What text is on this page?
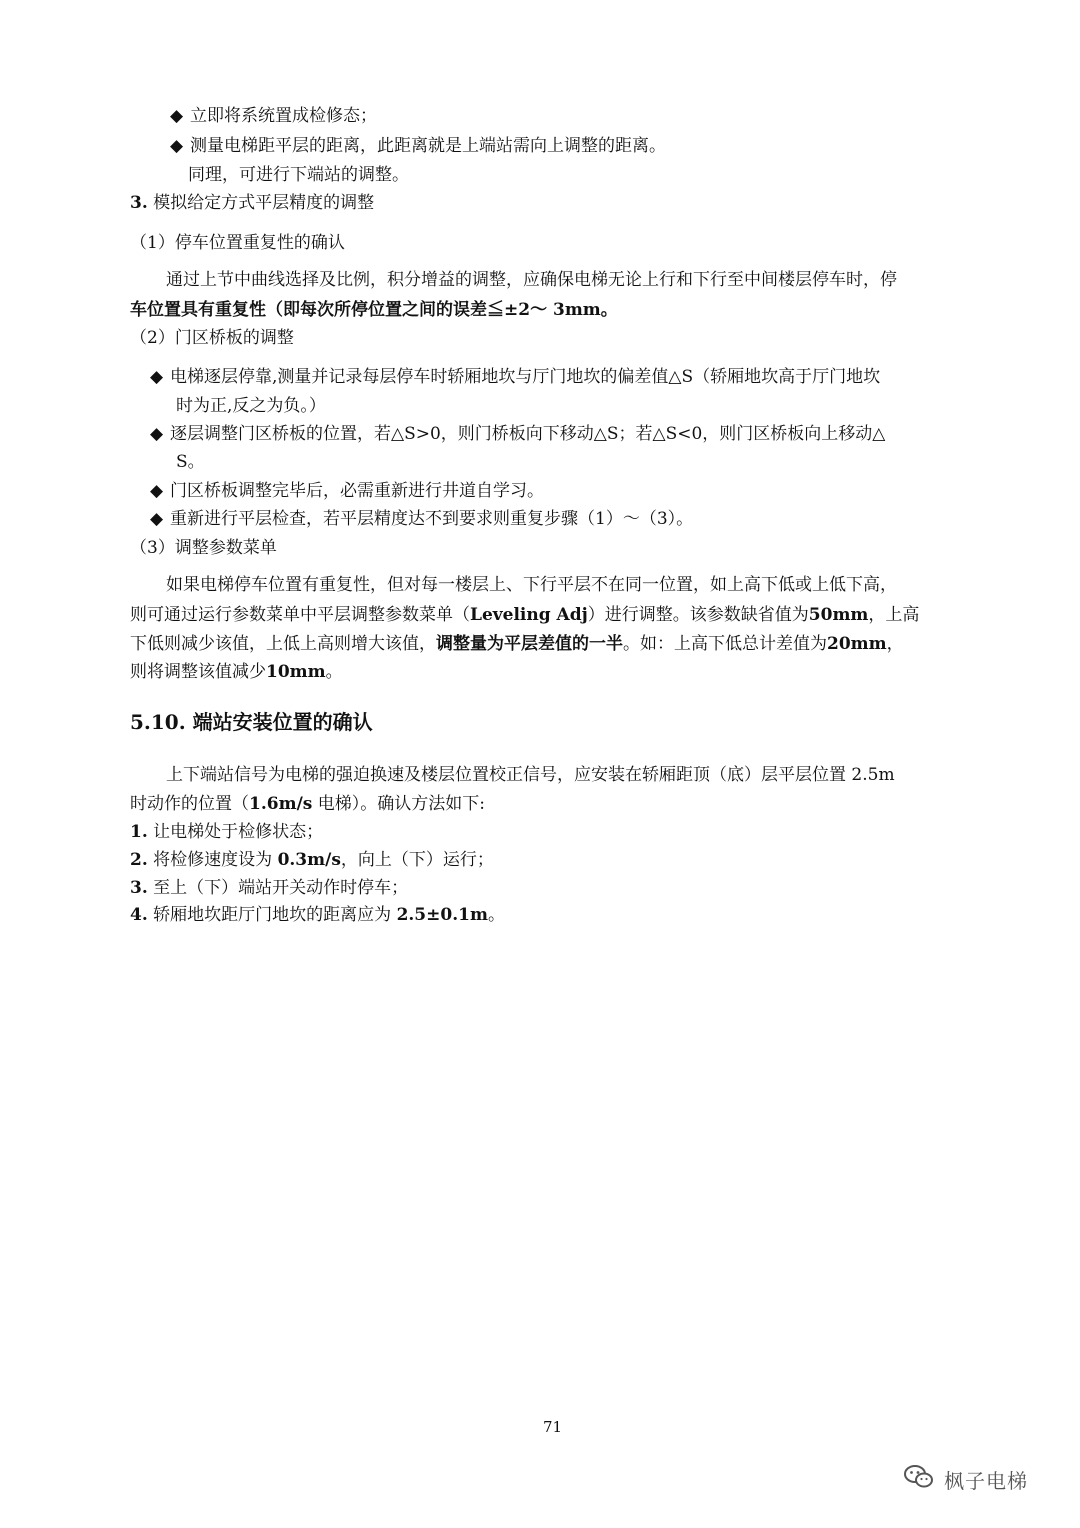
◆ 立即将系统置成检修态；
◆ 测量电梯距平层的距离，此距离就是上端站需向上调整的距离。
同理，可进行下端站的调整。
3. 模拟给定方式平层精度的调整
（1）停车位置重复性的确认
通过上节中曲线选择及比例，积分增益的调整，应确保电梯无论上行和下行至中间楼层停车时，停
车位置具有重复性（即每次所停位置之间的误差≦±2～ 3mm。
（2）门区桥板的调整
◆ 电梯逐层停靠,测量并记录每层停车时轿厢地坎与厅门地坎的偏差值△S（轿厢地坎高于厅门地坎
时为正,反之为负。）
◆ 逐层调整门区桥板的位置，若△S>0，则门桥板向下移动△S；若△S<0，则门区桥板向上移动△
S。
◆ 门区桥板调整完毕后，必需重新进行井道自学习。
◆ 重新进行平层检查，若平层精度达不到要求则重复步骤（1）～（3）。
（3）调整参数菜单
如果电梯停车位置有重复性，但对每一楼层上、下行平层不在同一位置，如上高下低或上低下高，
则可通过运行参数菜单中平层调整参数菜单（Leveling Adj）进行调整。该参数缺省值为50mm，上高
下低则减少该值，上低上高则增大该值，调整量为平层差值的一半。如：上高下低总计差值为20mm，
则将调整该值减少10mm。
5.10. 端站安装位置的确认
上下端站信号为电梯的强迫换速及楼层位置校正信号，应安装在轿厢距顶（底）层平层位置 2.5m
时动作的位置（1.6m/s 电梯）。确认方法如下:
1. 让电梯处于检修状态；
2. 将检修速度设为 0.3m/s，向上（下）运行；
3. 至上（下）端站开关动作时停车；
4. 轿厢地坎距厅门地坎的距离应为 2.5±0.1m。
71
枫子电梯
